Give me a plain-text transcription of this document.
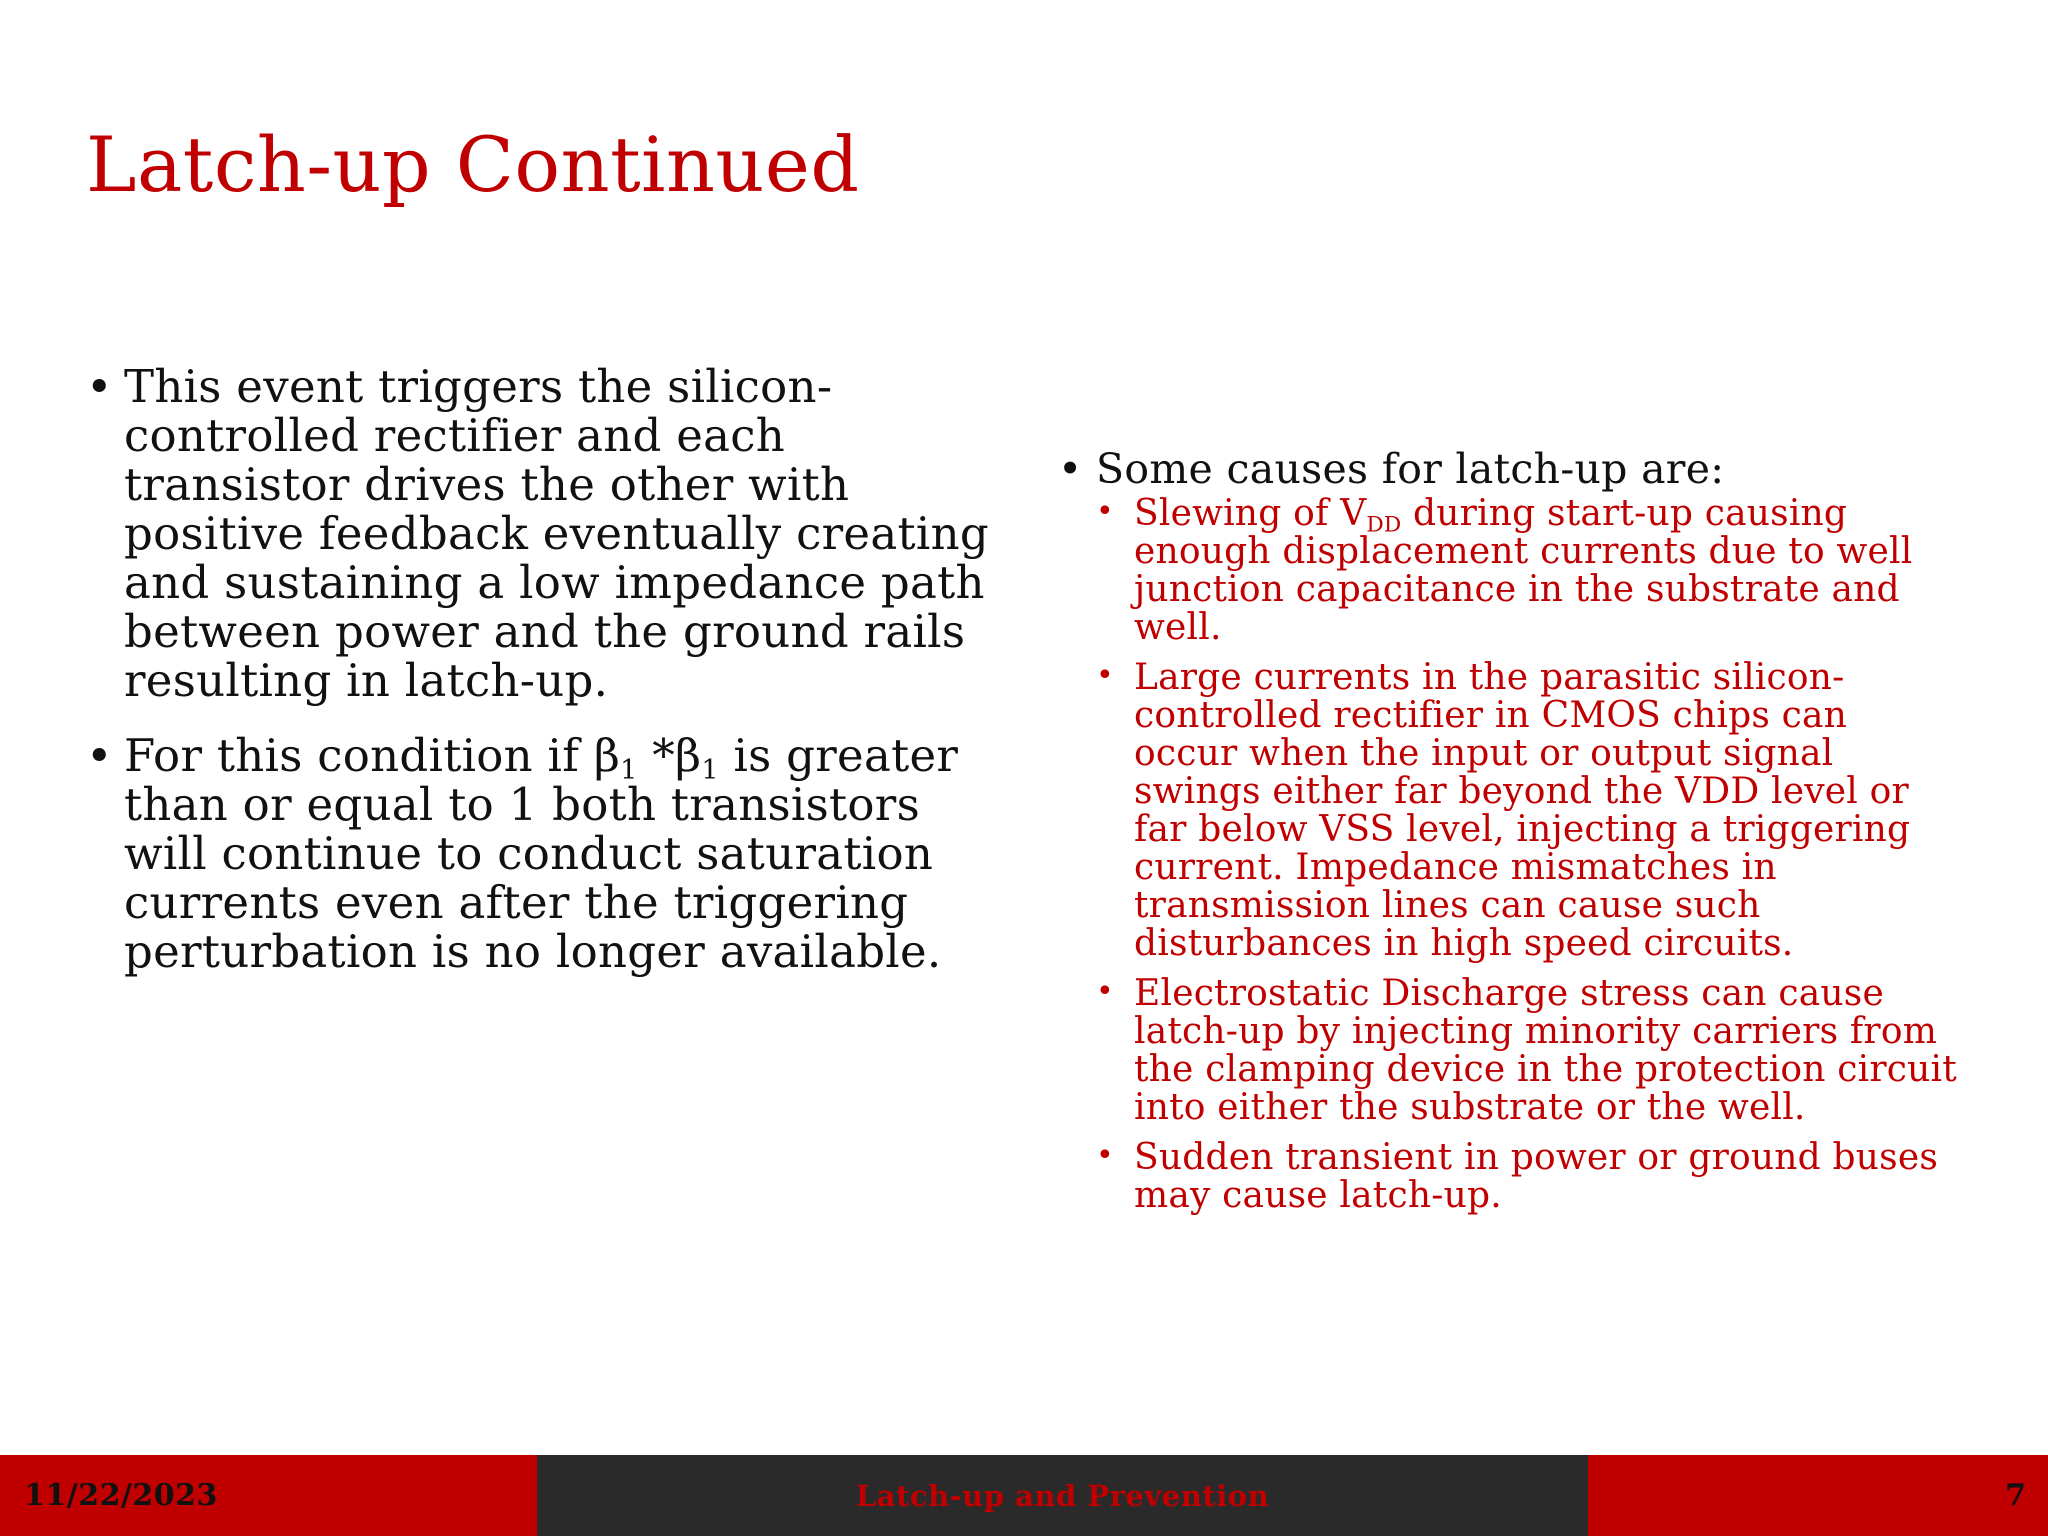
Latch-up Continued
• This event triggers the silicon-controlled rectifier and each transistor drives the other with positive feedback eventually creating and sustaining a low impedance path between power and the ground rails resulting in latch-up.
• For this condition if $\beta_1$ $*\beta_1$ is greater than or equal to 1 both transistors will continue to conduct saturation currents even after the triggering perturbation is no longer available.
• Some causes for latch-up are:
• Slewing of $V_{DD}$ during start-up causing enough displacement currents due to well junction capacitance in the substrate and well.
• Large currents in the parasitic silicon-controlled rectifier in CMOS chips can occur when the input or output signal swings either far beyond the VDD level or far below VSS level, injecting a triggering current. Impedance mismatches in transmission lines can cause such disturbances in high speed circuits.
• Electrostatic Discharge stress can cause latch-up by injecting minority carriers from the clamping device in the protection circuit into either the substrate or the well.
• Sudden transient in power or ground buses may cause latch-up.
11/22/2023	Latch-up and Prevention	7
